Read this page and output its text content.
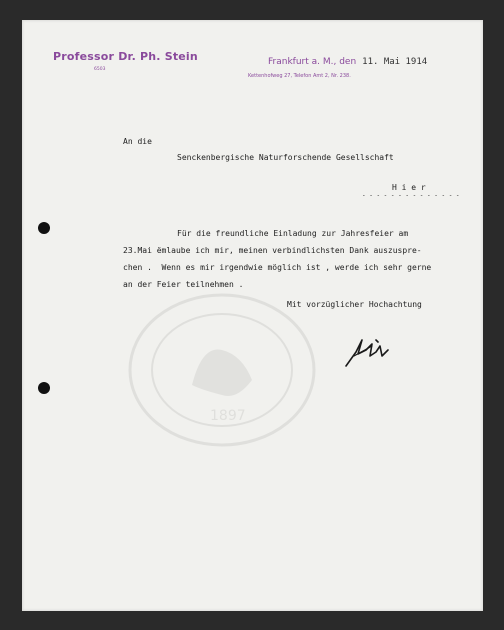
Professor Dr. Ph. Stein
6503
Frankfurt a. M., den 11. Mai 1914
Kettenhofweg 27, Telefon Amt 2, Nr. 238.
An die
Senckenbergische Naturforschende Gesellschaft
H i e r
- - - - - - - - - - - - - -
Für die freundliche Einladung zur Jahresfeier am
23.Mai ëmlaube ich mir, meinen verbindlichsten Dank auszuspre-
chen .  Wenn es mir irgendwie möglich ist , werde ich sehr gerne
an der Feier teilnehmen .
Mit vorzüglicher Hochachtung
1897
